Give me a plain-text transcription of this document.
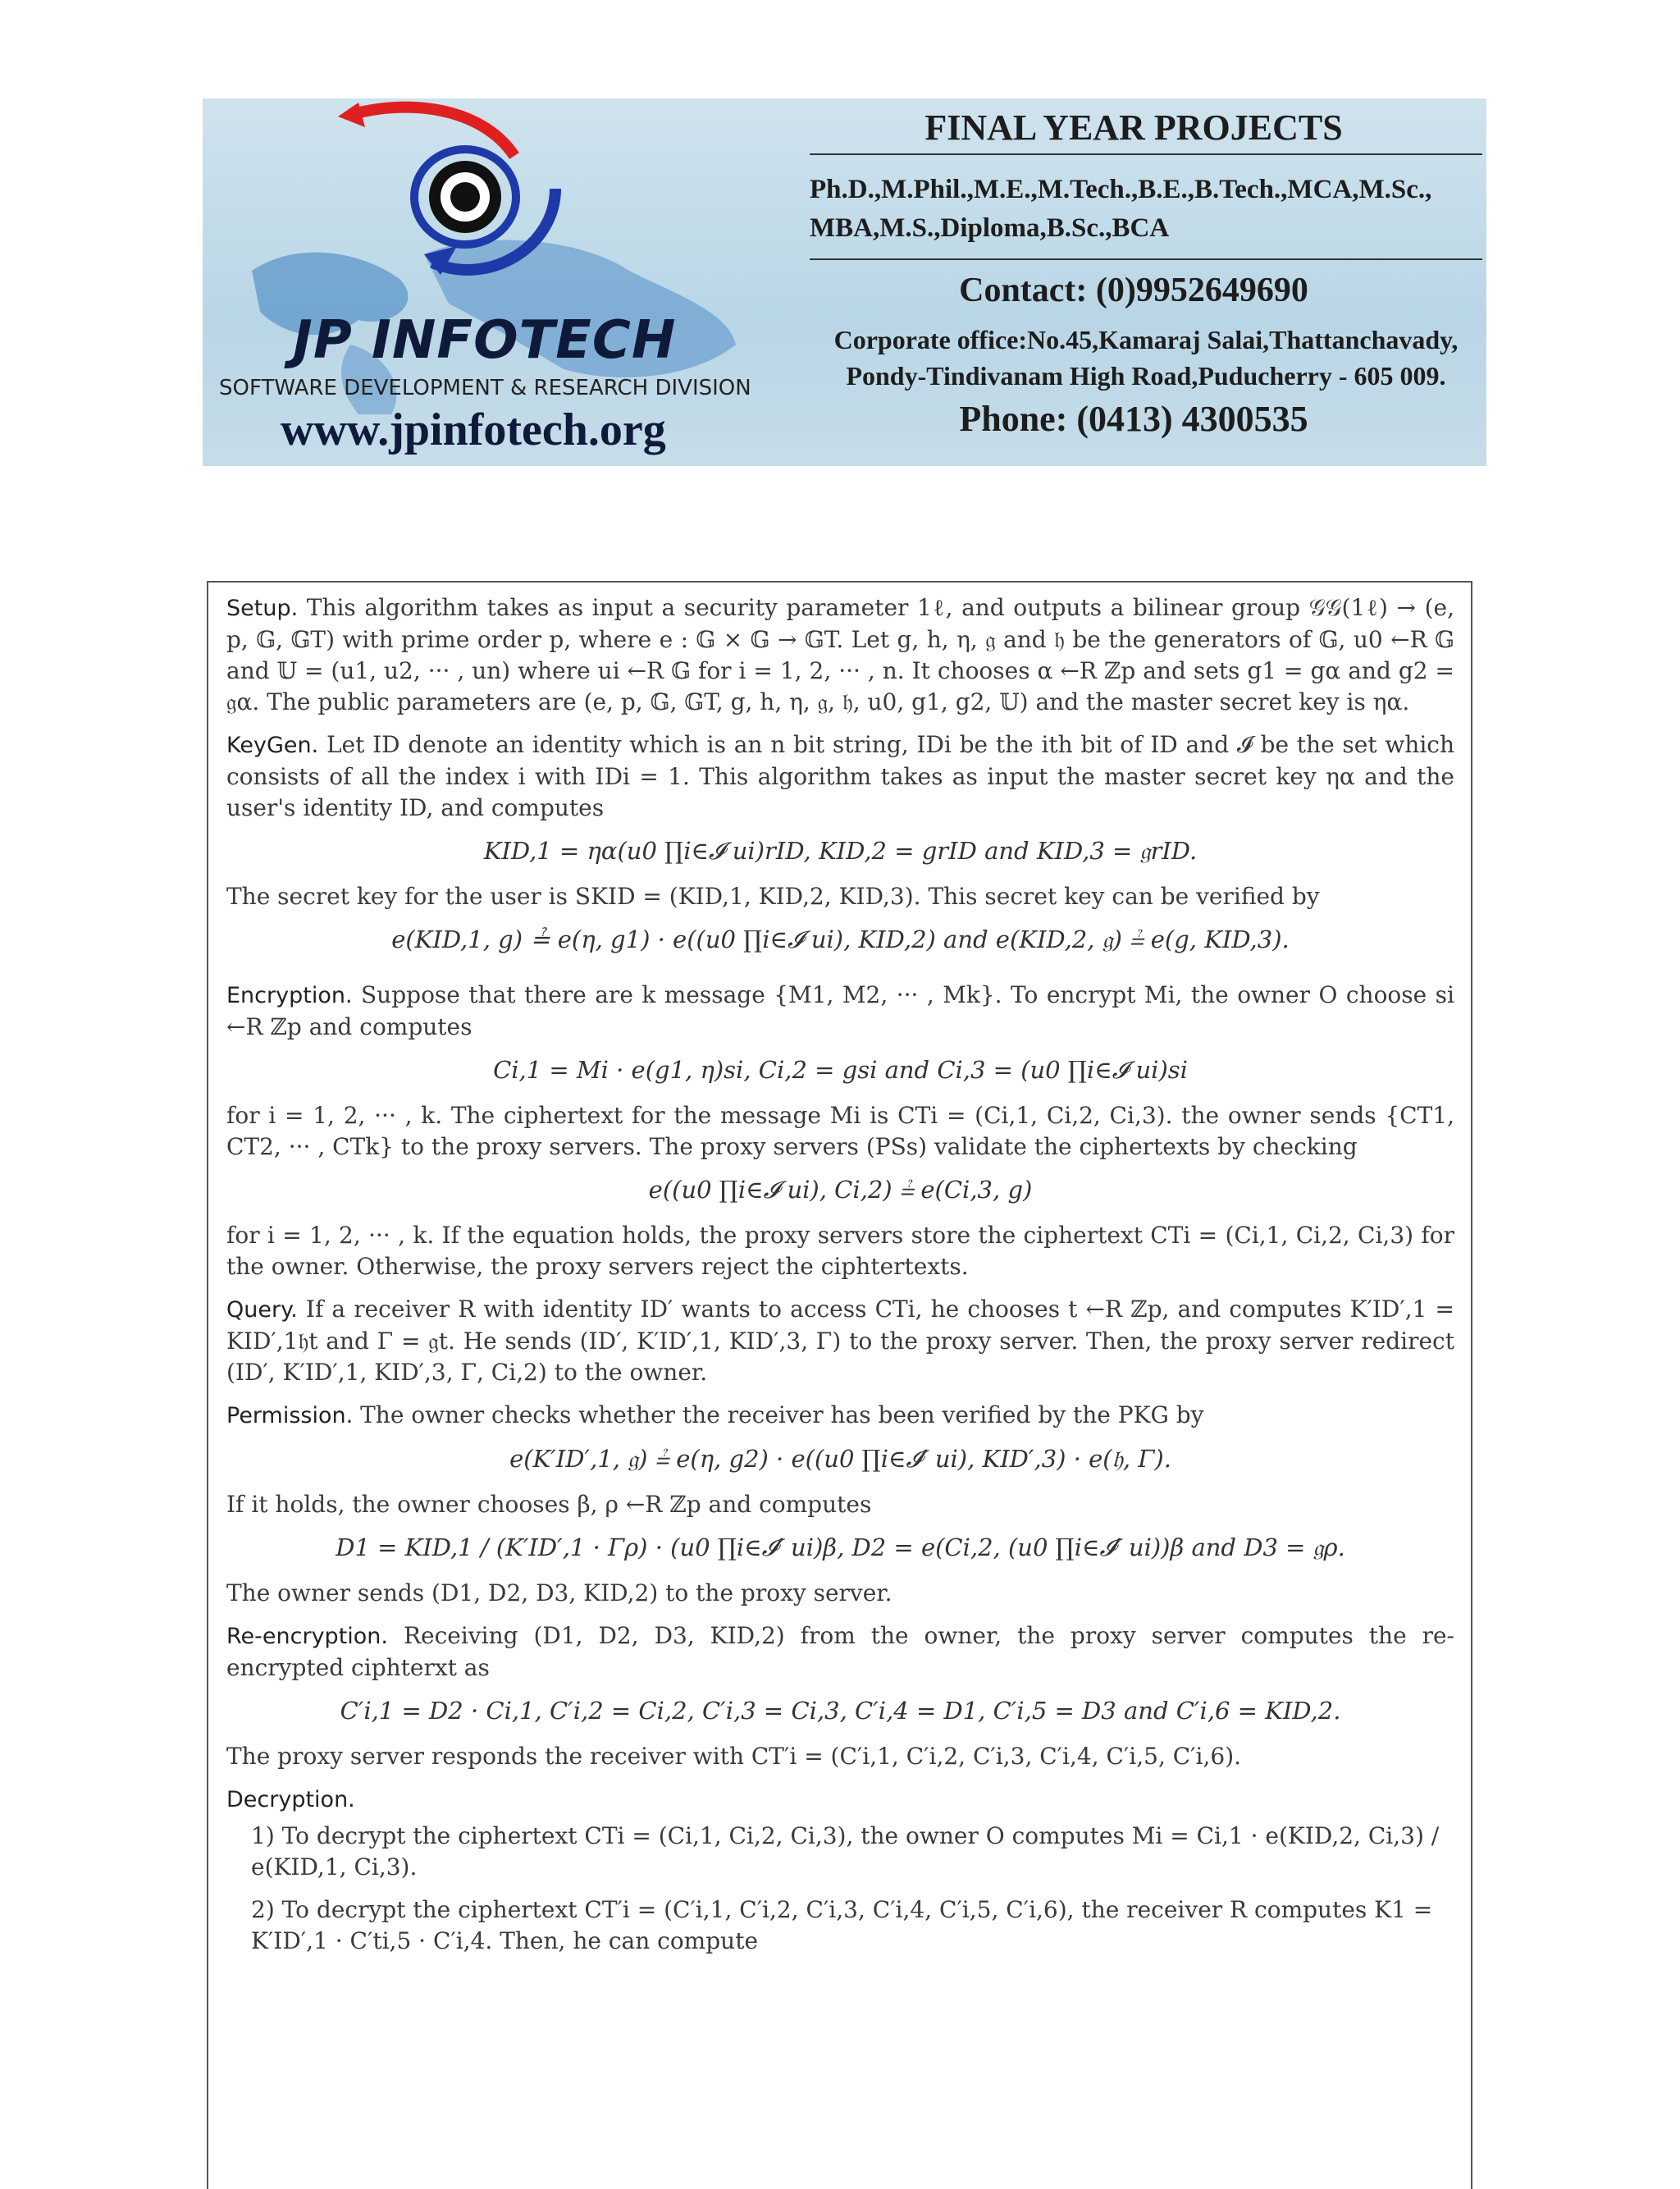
JP INFOTECH
SOFTWARE DEVELOPMENT & RESEARCH DIVISION
www.jpinfotech.org
FINAL YEAR PROJECTS
Ph.D.,M.Phil.,M.E.,M.Tech.,B.E.,B.Tech.,MCA,M.Sc.,
MBA,M.S.,Diploma,B.Sc.,BCA
Contact: (0)9952649690
Corporate office:No.45,Kamaraj Salai,Thattanchavady,
Pondy-Tindivanam High Road,Puducherry - 605 009.
Phone: (0413) 4300535

Setup. This algorithm takes as input a security parameter 1ℓ, and outputs a bilinear group 𝒢𝒢(1ℓ) → (e, p, 𝔾, 𝔾T) with prime order p, where e : 𝔾 × 𝔾 → 𝔾T. Let g, h, η, 𝔤 and 𝔥 be the generators of 𝔾, u0 ←R 𝔾 and 𝕌 = (u1, u2, ··· , un) where ui ←R 𝔾 for i = 1, 2, ··· , n. It chooses α ←R ℤp and sets g1 = gα and g2 = 𝔤α. The public parameters are (e, p, 𝔾, 𝔾T, g, h, η, 𝔤, 𝔥, u0, g1, g2, 𝕌) and the master secret key is ηα.

KeyGen. Let ID denote an identity which is an n bit string, IDi be the ith bit of ID and 𝓘 be the set which consists of all the index i with IDi = 1. This algorithm takes as input the master secret key ηα and the user's identity ID, and computes

KID,1 = ηα(u0 ∏i∈𝓘 ui)rID, KID,2 = grID and KID,3 = 𝔤rID.

The secret key for the user is SKID = (KID,1, KID,2, KID,3). This secret key can be verified by

e(KID,1, g) ≟ e(η, g1) · e((u0 ∏i∈𝓘 ui), KID,2) and e(KID,2, 𝔤) ≟ e(g, KID,3).

Encryption. Suppose that there are k message {M1, M2, ··· , Mk}. To encrypt Mi, the owner O choose si ←R ℤp and computes

Ci,1 = Mi · e(g1, η)si, Ci,2 = gsi and Ci,3 = (u0 ∏i∈𝓘 ui)si

for i = 1, 2, ··· , k. The ciphertext for the message Mi is CTi = (Ci,1, Ci,2, Ci,3). the owner sends {CT1, CT2, ··· , CTk} to the proxy servers. The proxy servers (PSs) validate the ciphertexts by checking

e((u0 ∏i∈𝓘 ui), Ci,2) ≟ e(Ci,3, g)

for i = 1, 2, ··· , k. If the equation holds, the proxy servers store the ciphertext CTi = (Ci,1, Ci,2, Ci,3) for the owner. Otherwise, the proxy servers reject the ciphtertexts.

Query. If a receiver R with identity ID′ wants to access CTi, he chooses t ←R ℤp, and computes K′ID′,1 = KID′,1𝔥t and Γ = 𝔤t. He sends (ID′, K′ID′,1, KID′,3, Γ) to the proxy server. Then, the proxy server redirect (ID′, K′ID′,1, KID′,3, Γ, Ci,2) to the owner.

Permission. The owner checks whether the receiver has been verified by the PKG by

e(K′ID′,1, 𝔤) ≟ e(η, g2) · e((u0 ∏i∈𝓘′ ui), KID′,3) · e(𝔥, Γ).

If it holds, the owner chooses β, ρ ←R ℤp and computes

D1 = KID,1 / (K′ID′,1 · Γρ) · (u0 ∏i∈𝓘′ ui)β, D2 = e(Ci,2, (u0 ∏i∈𝓘′ ui))β and D3 = 𝔤ρ.

The owner sends (D1, D2, D3, KID,2) to the proxy server.

Re-encryption. Receiving (D1, D2, D3, KID,2) from the owner, the proxy server computes the re-encrypted ciphterxt as

C′i,1 = D2 · Ci,1, C′i,2 = Ci,2, C′i,3 = Ci,3, C′i,4 = D1, C′i,5 = D3 and C′i,6 = KID,2.

The proxy server responds the receiver with CT′i = (C′i,1, C′i,2, C′i,3, C′i,4, C′i,5, C′i,6).

Decryption.

1) To decrypt the ciphertext CTi = (Ci,1, Ci,2, Ci,3), the owner O computes Mi = Ci,1 · e(KID,2, Ci,3) / e(KID,1, Ci,3).
2) To decrypt the ciphertext CT′i = (C′i,1, C′i,2, C′i,3, C′i,4, C′i,5, C′i,6), the receiver R computes K1 = K′ID′,1 · C′ti,5 · C′i,4. Then, he can compute
